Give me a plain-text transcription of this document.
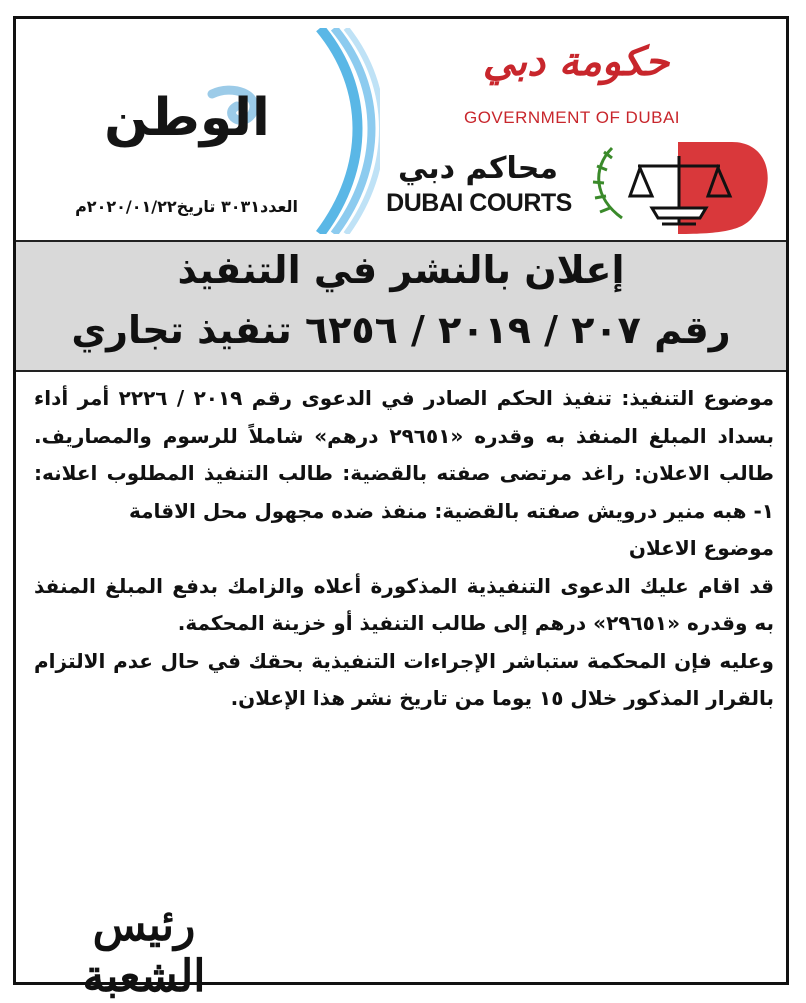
الوطن
العدد٣٠٣١ تاريخ٢٠٢٠/٠١/٢٢م
حكومة دبي
GOVERNMENT OF DUBAI
محاكم دبي
DUBAI COURTS
إعلان بالنشر في التنفيذ
رقم ٢٠٧ / ٢٠١٩ / ٦٢٥٦ تنفيذ تجاري

موضوع التنفيذ: تنفيذ الحكم الصادر في الدعوى رقم ٢٠١٩ / ٢٢٢٦ أمر أداء بسداد المبلغ المنفذ به وقدره «٢٩٦٥١ درهم» شاملاً للرسوم والمصاريف. طالب الاعلان: راغد مرتضى صفته بالقضية: طالب التنفيذ المطلوب اعلانه: ١- هبه منير درويش صفته بالقضية: منفذ ضده مجهول محل الاقامة

موضوع الاعلان

قد اقام عليك الدعوى التنفيذية المذكورة أعلاه والزامك بدفع المبلغ المنفذ به وقدره «٢٩٦٥١» درهم إلى طالب التنفيذ أو خزينة المحكمة.

وعليه فإن المحكمة ستباشر الإجراءات التنفيذية بحقك في حال عدم الالتزام بالقرار المذكور خلال ١٥ يوما من تاريخ نشر هذا الإعلان.

رئيس الشعبة
